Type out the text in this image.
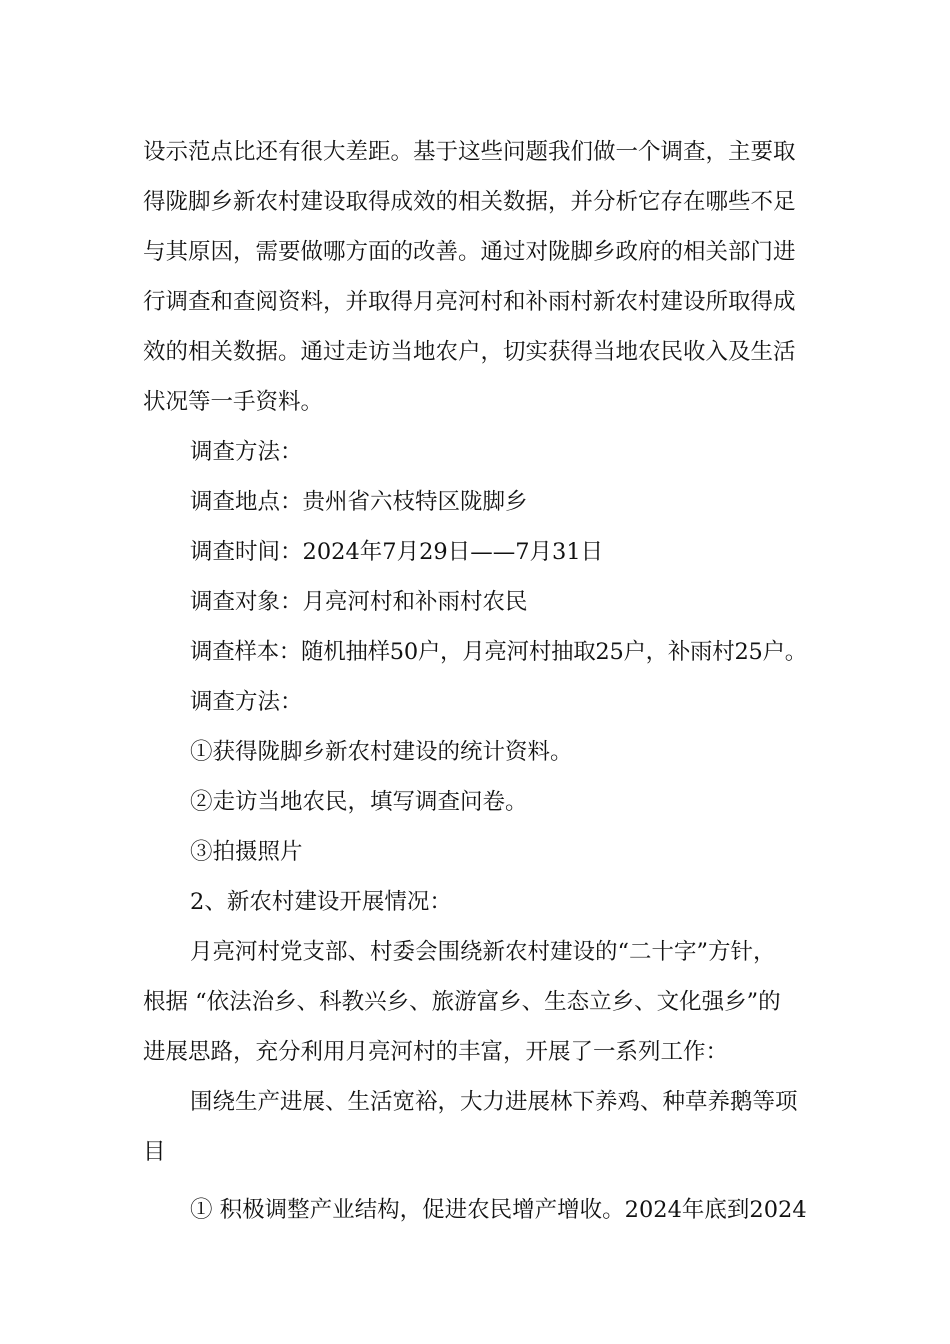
设示范点比还有很大差距。基于这些问题我们做一个调查，主要取
得陇脚乡新农村建设取得成效的相关数据，并分析它存在哪些不足
与其原因，需要做哪方面的改善。通过对陇脚乡政府的相关部门进
行调查和查阅资料，并取得月亮河村和补雨村新农村建设所取得成
效的相关数据。通过走访当地农户，切实获得当地农民收入及生活
状况等一手资料。
调查方法：
调查地点：贵州省六枝特区陇脚乡
调查时间：2024年7月29日——7月31日
调查对象：月亮河村和补雨村农民
调查样本：随机抽样50户，月亮河村抽取25户，补雨村25户。
调查方法：
①获得陇脚乡新农村建设的统计资料。
②走访当地农民，填写调查问卷。
③拍摄照片
2、新农村建设开展情况：
月亮河村党支部、村委会围绕新农村建设的“二十字”方针，
根据 “依法治乡、科教兴乡、旅游富乡、生态立乡、文化强乡”的
进展思路，充分利用月亮河村的丰富，开展了一系列工作：
围绕生产进展、生活宽裕，大力进展林下养鸡、种草养鹅等项
目
① 积极调整产业结构，促进农民增产增收。2024年底到2024
